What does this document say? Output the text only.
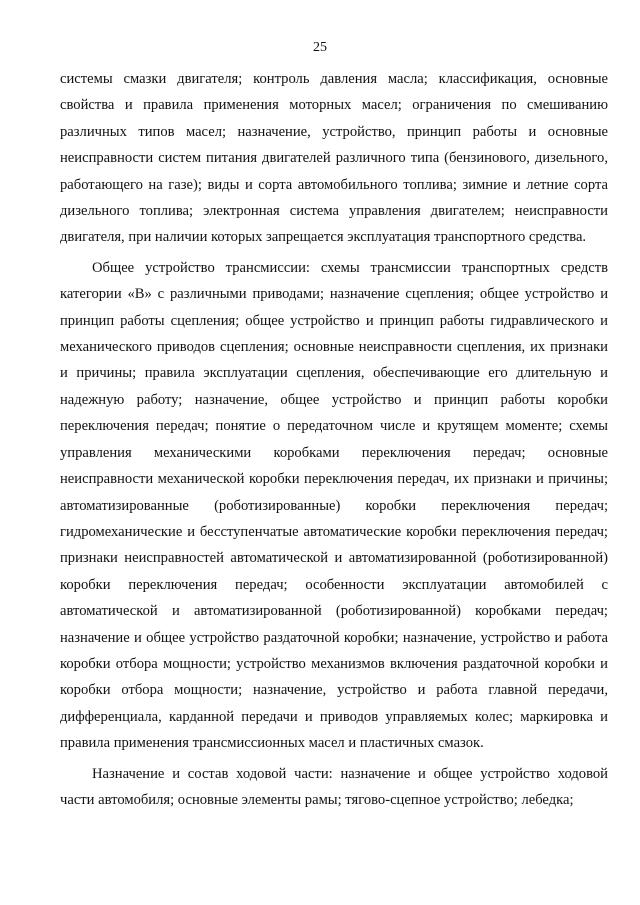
25

системы смазки двигателя; контроль давления масла; классификация, основные свойства и правила применения моторных масел; ограничения по смешиванию различных типов масел; назначение, устройство, принцип работы и основные неисправности систем питания двигателей различного типа (бензинового, дизельного, работающего на газе); виды и сорта автомобильного топлива; зимние и летние сорта дизельного топлива; электронная система управления двигателем; неисправности двигателя, при наличии которых запрещается эксплуатация транспортного средства.

Общее устройство трансмиссии: схемы трансмиссии транспортных средств категории «В» с различными приводами; назначение сцепления; общее устройство и принцип работы сцепления; общее устройство и принцип работы гидравлического и механического приводов сцепления; основные неисправности сцепления, их признаки и причины; правила эксплуатации сцепления, обеспечивающие его длительную и надежную работу; назначение, общее устройство и принцип работы коробки переключения передач; понятие о передаточном числе и крутящем моменте; схемы управления механическими коробками переключения передач; основные неисправности механической коробки переключения передач, их признаки и причины; автоматизированные (роботизированные) коробки переключения передач; гидромеханические и бесступенчатые автоматические коробки переключения передач; признаки неисправностей автоматической и автоматизированной (роботизированной) коробки переключения передач; особенности эксплуатации автомобилей с автоматической и автоматизированной (роботизированной) коробками передач; назначение и общее устройство раздаточной коробки; назначение, устройство и работа коробки отбора мощности; устройство механизмов включения раздаточной коробки и коробки отбора мощности; назначение, устройство и работа главной передачи, дифференциала, карданной передачи и приводов управляемых колес; маркировка и правила применения трансмиссионных масел и пластичных смазок.

Назначение и состав ходовой части: назначение и общее устройство ходовой части автомобиля; основные элементы рамы; тягово-сцепное устройство; лебедка;
